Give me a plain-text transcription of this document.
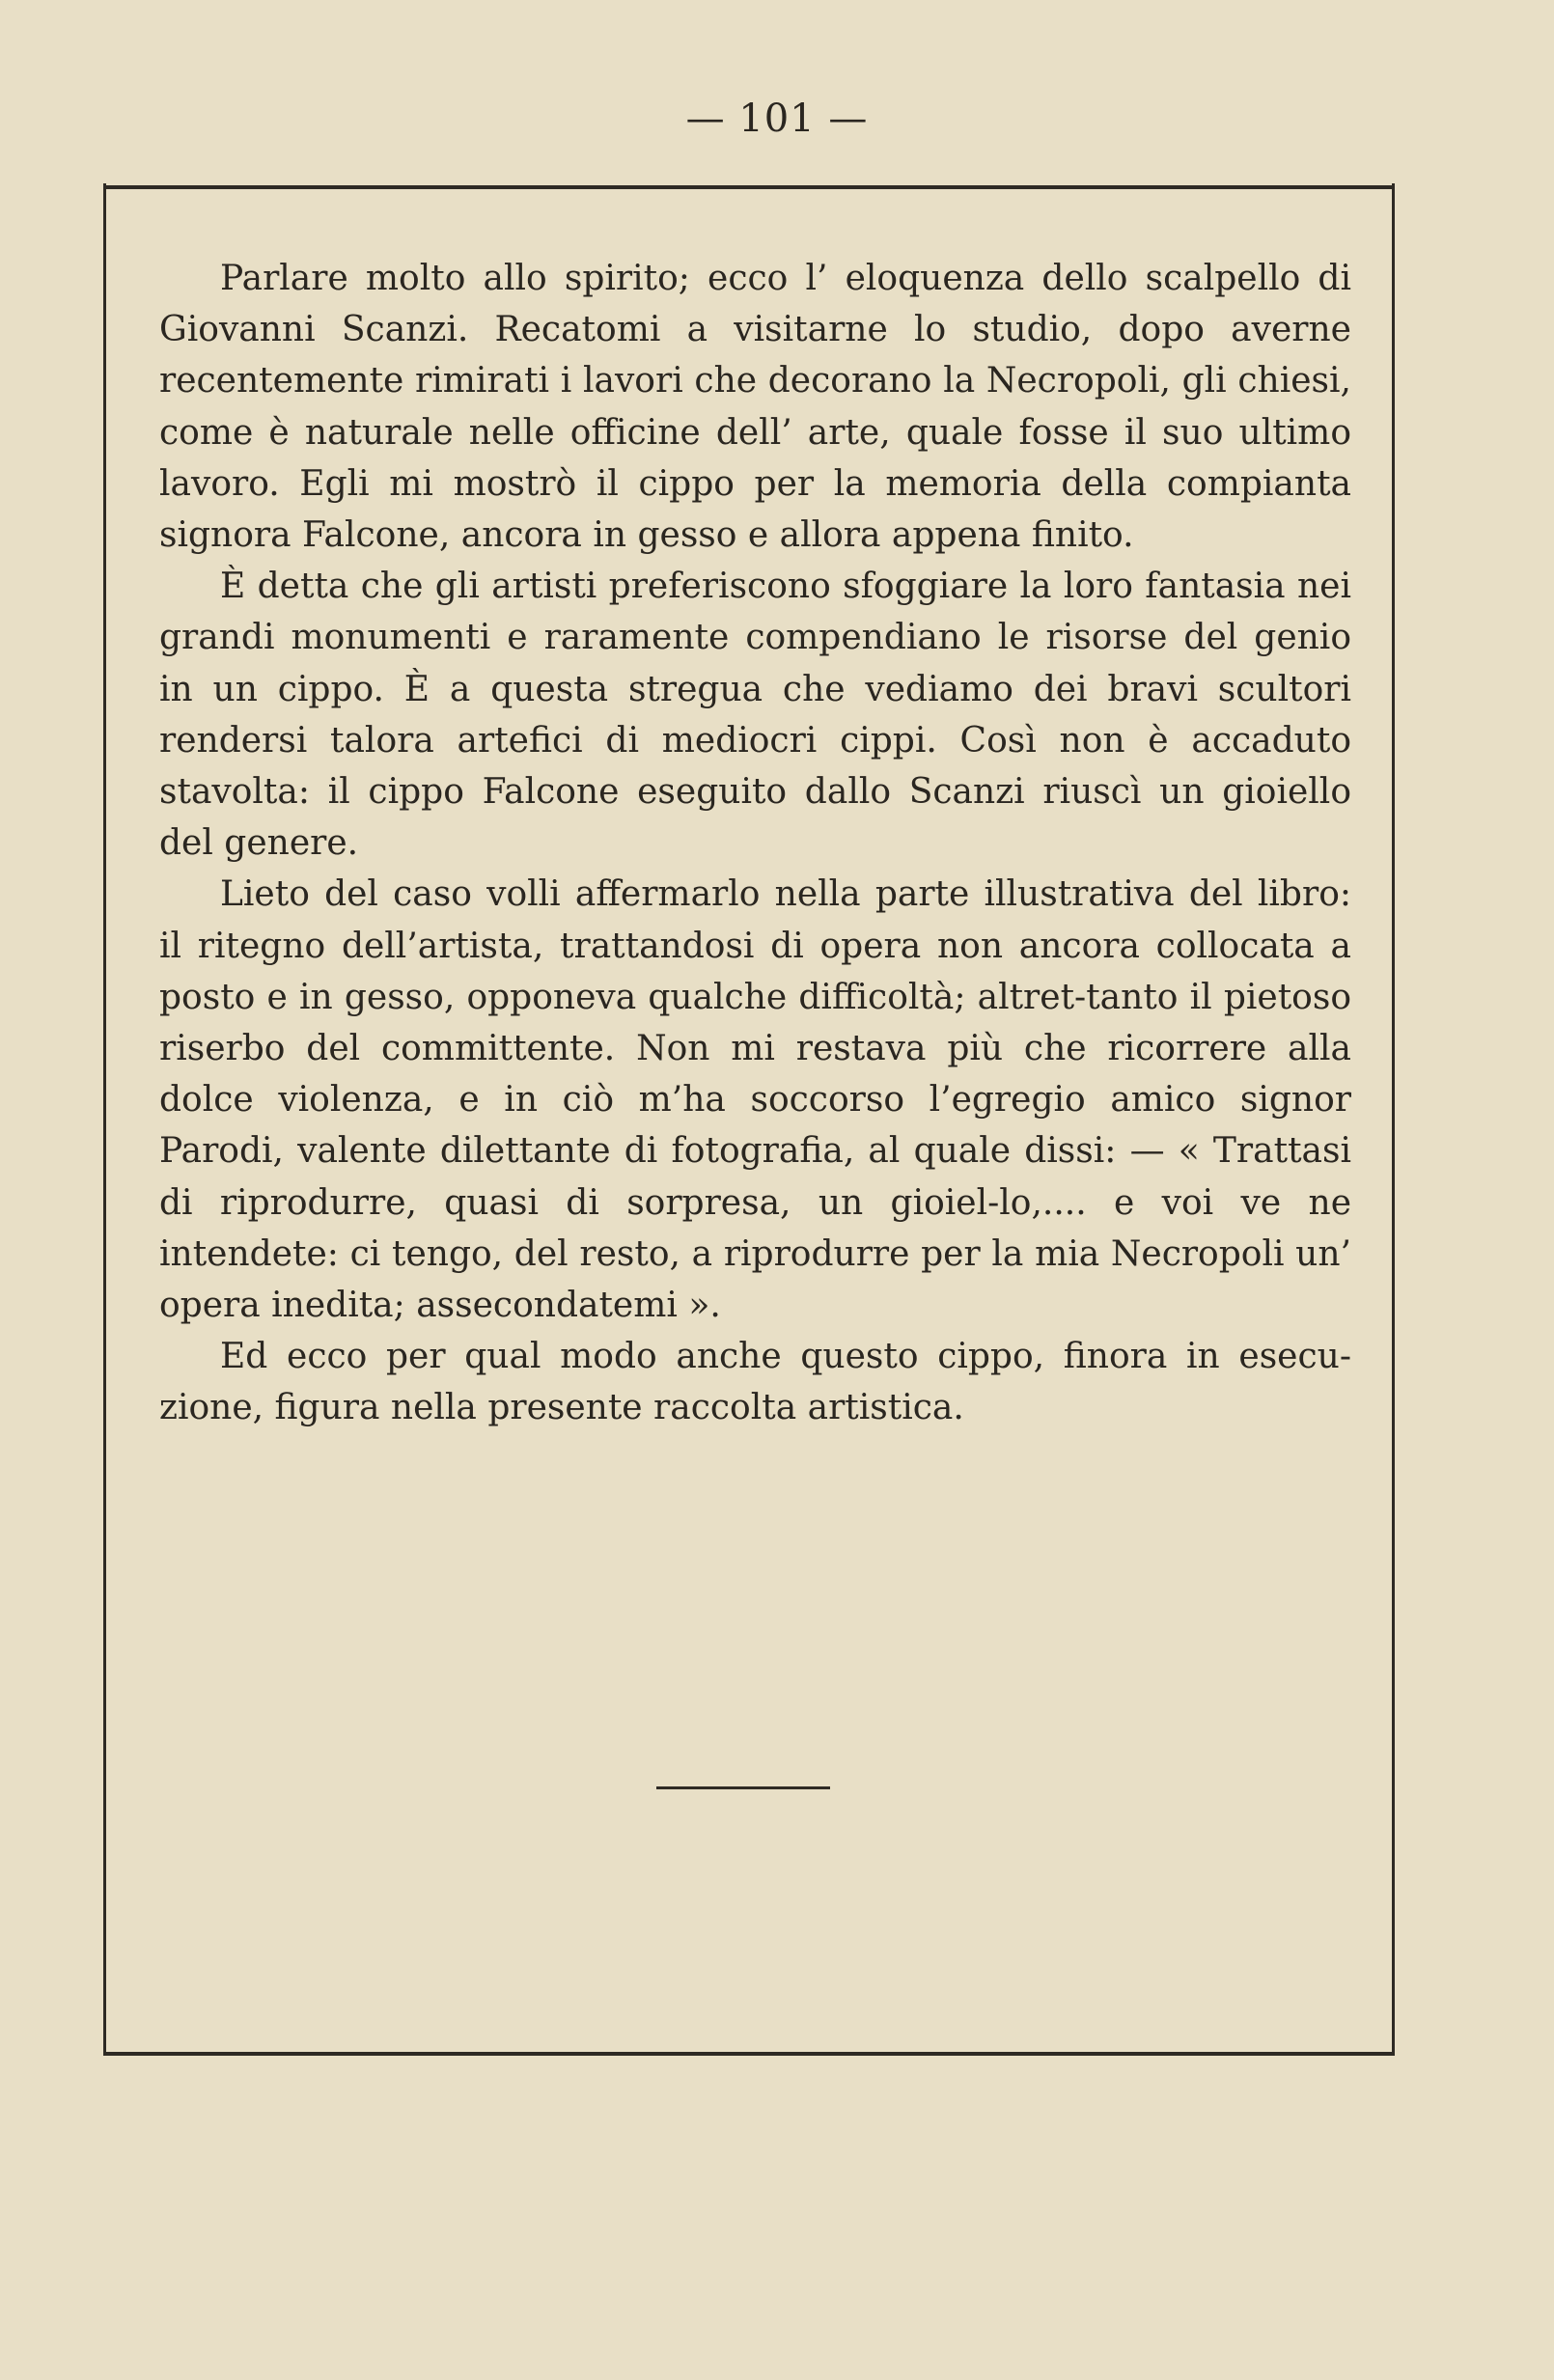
— 101 —

Parlare molto allo spirito; ecco l’ eloquenza dello scalpello di Giovanni Scanzi. Recatomi a visitarne lo studio, dopo averne recentemente rimirati i lavori che decorano la Necropoli, gli chiesi, come è naturale nelle officine dell’ arte, quale fosse il suo ultimo lavoro. Egli mi mostrò il cippo per la memoria della compianta signora Falcone, ancora in gesso e allora appena finito.

È detta che gli artisti preferiscono sfoggiare la loro fantasia nei grandi monumenti e raramente compendiano le risorse del genio in un cippo. È a questa stregua che vediamo dei bravi scultori rendersi talora artefici di mediocri cippi. Così non è accaduto stavolta: il cippo Falcone eseguito dallo Scanzi riuscì un gioiello del genere.

Lieto del caso volli affermarlo nella parte illustrativa del libro: il ritegno dell’artista, trattandosi di opera non ancora collocata a posto e in gesso, opponeva qualche difficoltà; altret-tanto il pietoso riserbo del committente. Non mi restava più che ricorrere alla dolce violenza, e in ciò m’ha soccorso l’egregio amico signor Parodi, valente dilettante di fotografia, al quale dissi: — « Trattasi di riprodurre, quasi di sorpresa, un gioiel-lo,.... e voi ve ne intendete: ci tengo, del resto, a riprodurre per la mia Necropoli un’ opera inedita; assecondatemi ».

Ed ecco per qual modo anche questo cippo, finora in esecu-zione, figura nella presente raccolta artistica.
